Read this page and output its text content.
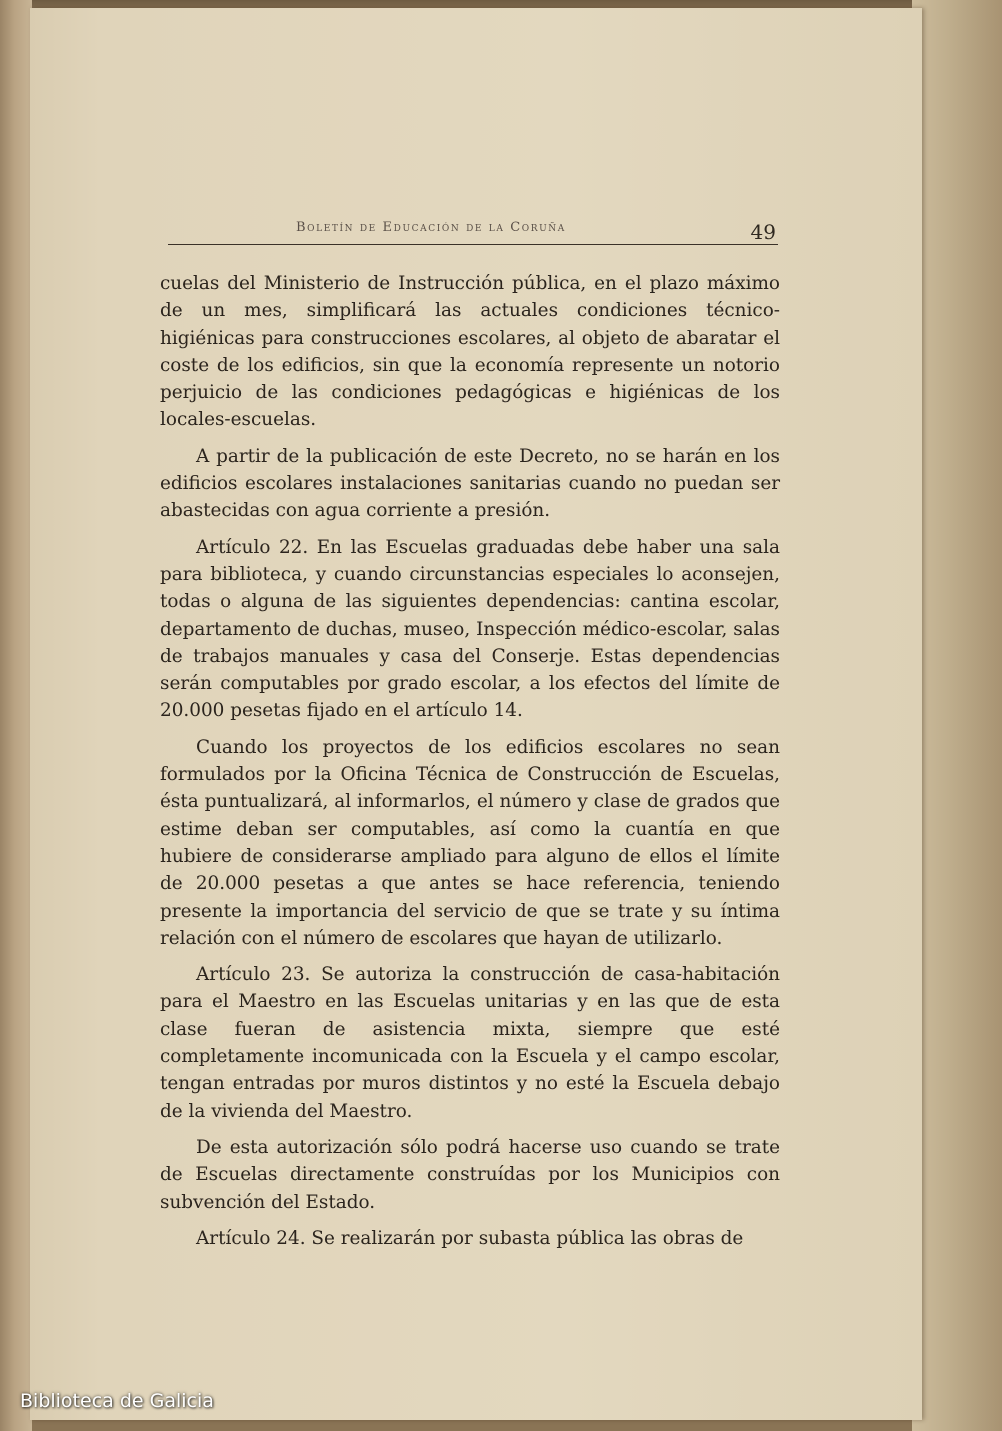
Boletín de Educación de la Coruña	49

cuelas del Ministerio de Instrucción pública, en el plazo máximo de un mes, simplificará las actuales condiciones técnico-higiénicas para construcciones escolares, al objeto de abaratar el coste de los edificios, sin que la economía represente un notorio perjuicio de las condiciones pedagógicas e higiénicas de los locales-escuelas.

A partir de la publicación de este Decreto, no se harán en los edificios escolares instalaciones sanitarias cuando no puedan ser abastecidas con agua corriente a presión.

Artículo 22. En las Escuelas graduadas debe haber una sala para biblioteca, y cuando circunstancias especiales lo aconsejen, todas o alguna de las siguientes dependencias: cantina escolar, departamento de duchas, museo, Inspección médico-escolar, salas de trabajos manuales y casa del Conserje. Estas dependencias serán computables por grado escolar, a los efectos del límite de 20.000 pesetas fijado en el artículo 14.

Cuando los proyectos de los edificios escolares no sean formulados por la Oficina Técnica de Construcción de Escuelas, ésta puntualizará, al informarlos, el número y clase de grados que estime deban ser computables, así como la cuantía en que hubiere de considerarse ampliado para alguno de ellos el límite de 20.000 pesetas a que antes se hace referencia, teniendo presente la importancia del servicio de que se trate y su íntima relación con el número de escolares que hayan de utilizarlo.

Artículo 23. Se autoriza la construcción de casa-habitación para el Maestro en las Escuelas unitarias y en las que de esta clase fueran de asistencia mixta, siempre que esté completamente incomunicada con la Escuela y el campo escolar, tengan entradas por muros distintos y no esté la Escuela debajo de la vivienda del Maestro.

De esta autorización sólo podrá hacerse uso cuando se trate de Escuelas directamente construídas por los Municipios con subvención del Estado.

Artículo 24. Se realizarán por subasta pública las obras de

Biblioteca de Galicia
